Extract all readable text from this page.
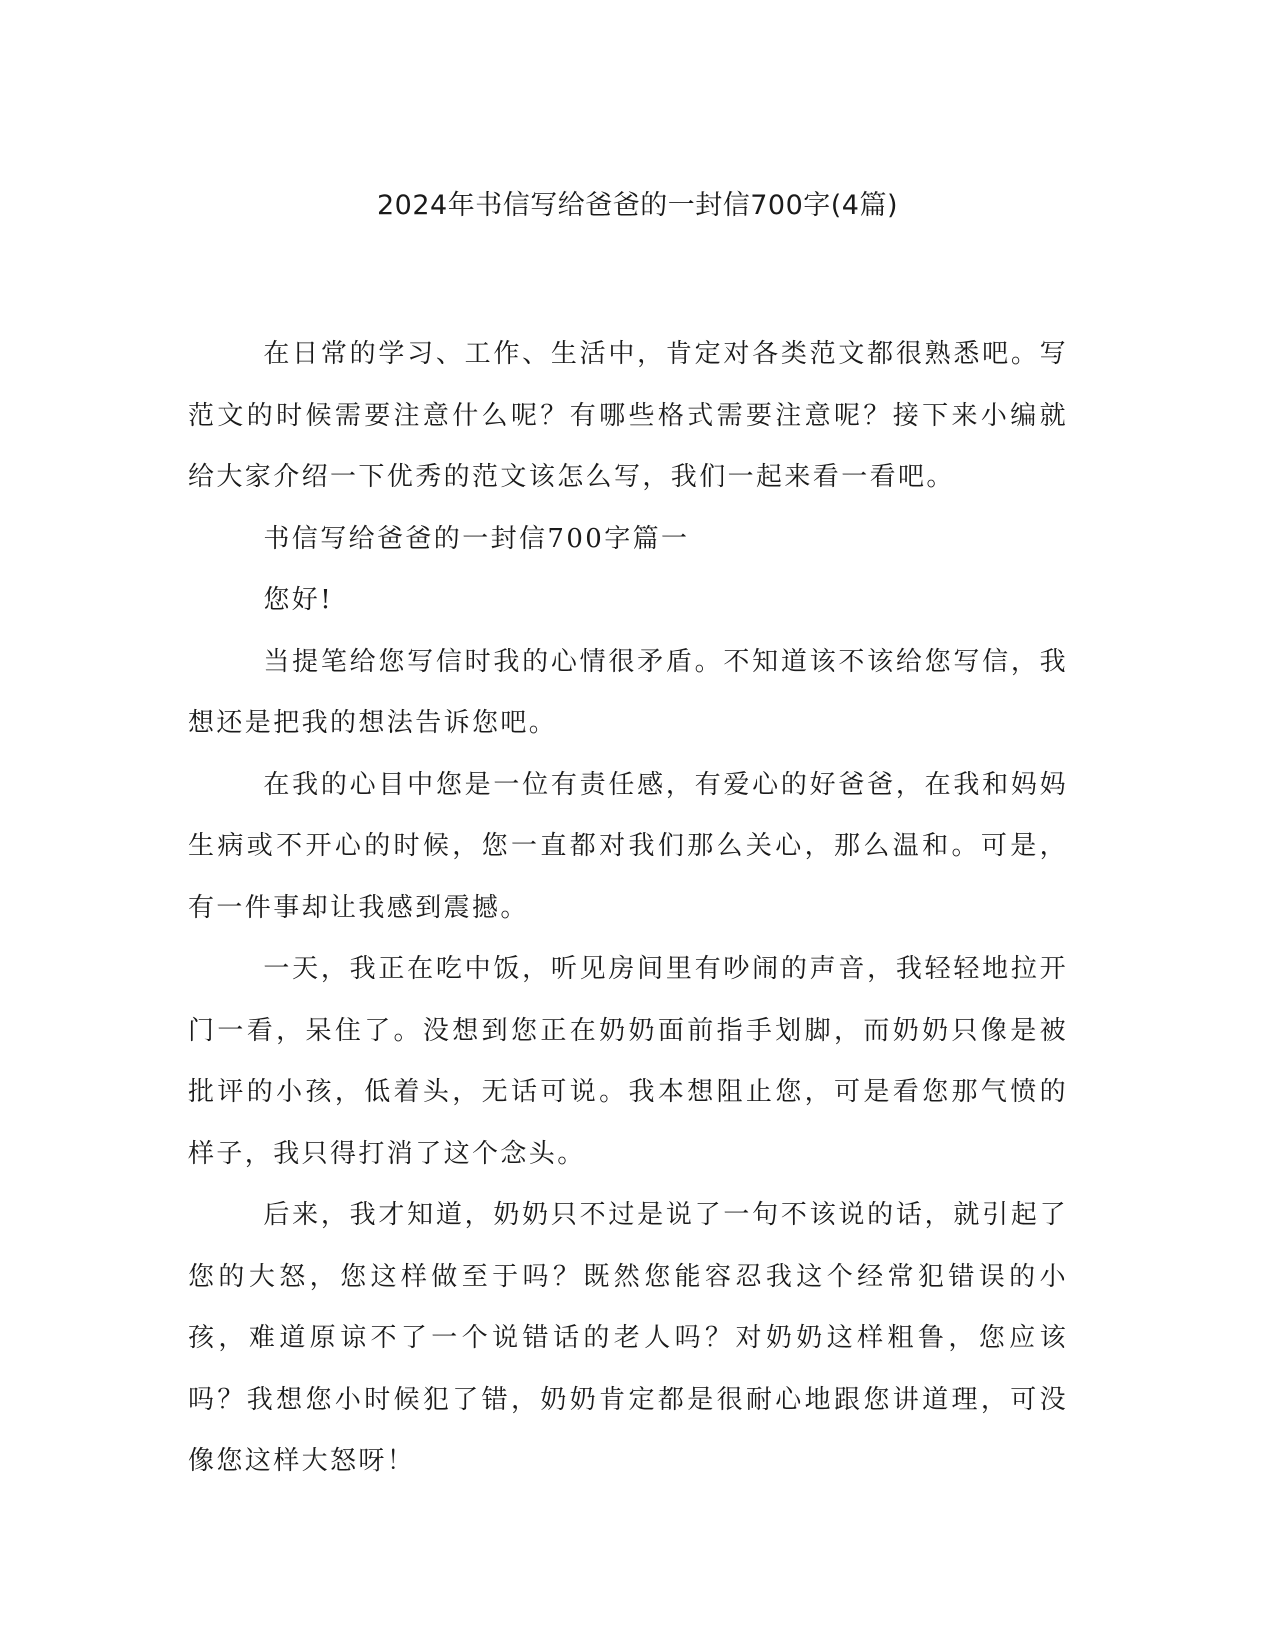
2024年书信写给爸爸的一封信700字(4篇)

在日常的学习、工作、生活中，肯定对各类范文都很熟悉吧。写范文的时候需要注意什么呢？有哪些格式需要注意呢？接下来小编就给大家介绍一下优秀的范文该怎么写，我们一起来看一看吧。

书信写给爸爸的一封信700字篇一

您好!

当提笔给您写信时我的心情很矛盾。不知道该不该给您写信，我想还是把我的想法告诉您吧。

在我的心目中您是一位有责任感，有爱心的好爸爸，在我和妈妈生病或不开心的时候，您一直都对我们那么关心，那么温和。可是，有一件事却让我感到震撼。

一天，我正在吃中饭，听见房间里有吵闹的声音，我轻轻地拉开门一看，呆住了。没想到您正在奶奶面前指手划脚，而奶奶只像是被批评的小孩，低着头，无话可说。我本想阻止您，可是看您那气愤的样子，我只得打消了这个念头。

后来，我才知道，奶奶只不过是说了一句不该说的话，就引起了您的大怒，您这样做至于吗？既然您能容忍我这个经常犯错误的小孩，难道原谅不了一个说错话的老人吗？对奶奶这样粗鲁，您应该吗？我想您小时候犯了错，奶奶肯定都是很耐心地跟您讲道理，可没像您这样大怒呀！
